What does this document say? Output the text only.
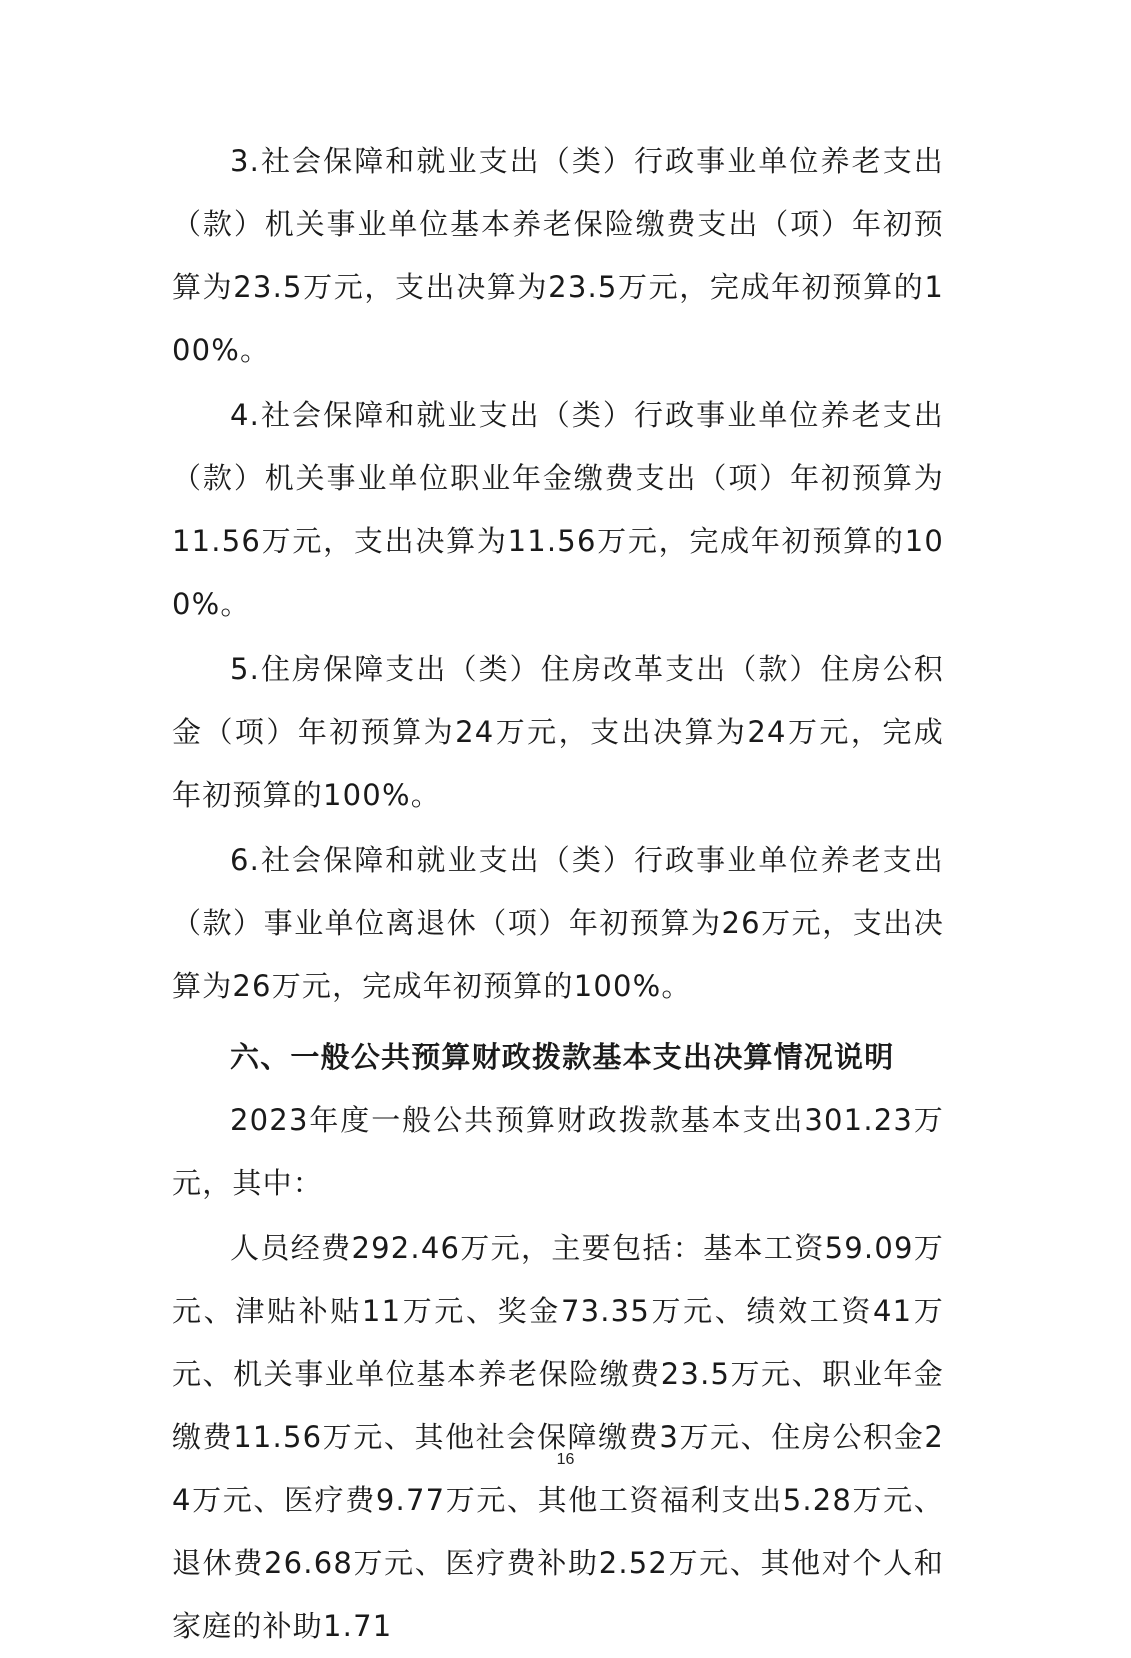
3.社会保障和就业支出（类）行政事业单位养老支出（款）机关事业单位基本养老保险缴费支出（项）年初预算为23.5万元，支出决算为23.5万元，完成年初预算的100%。

4.社会保障和就业支出（类）行政事业单位养老支出（款）机关事业单位职业年金缴费支出（项）年初预算为11.56万元，支出决算为11.56万元，完成年初预算的100%。

5.住房保障支出（类）住房改革支出（款）住房公积金（项）年初预算为24万元，支出决算为24万元，完成年初预算的100%。

6.社会保障和就业支出（类）行政事业单位养老支出（款）事业单位离退休（项）年初预算为26万元，支出决算为26万元，完成年初预算的100%。

六、一般公共预算财政拨款基本支出决算情况说明

2023年度一般公共预算财政拨款基本支出301.23万元，其中：

人员经费292.46万元，主要包括：基本工资59.09万元、津贴补贴11万元、奖金73.35万元、绩效工资41万元、机关事业单位基本养老保险缴费23.5万元、职业年金缴费11.56万元、其他社会保障缴费3万元、住房公积金24万元、医疗费9.77万元、其他工资福利支出5.28万元、退休费26.68万元、医疗费补助2.52万元、其他对个人和家庭的补助1.71

16
